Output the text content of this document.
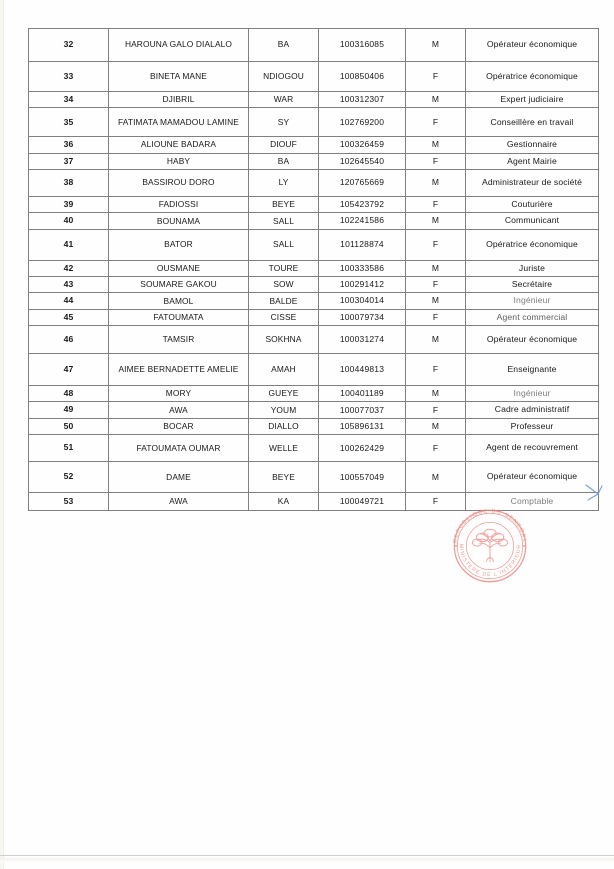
32	HAROUNA GALO DIALALO	BA	100316085	M	Opérateur économique
33	BINETA MANE	NDIOGOU	100850406	F	Opératrice économique
34	DJIBRIL	WAR	100312307	M	Expert judiciaire
35	FATIMATA MAMADOU LAMINE	SY	102769200	F	Conseillère en travail
36	ALIOUNE BADARA	DIOUF	100326459	M	Gestionnaire
37	HABY	BA	102645540	F	Agent Mairie
38	BASSIROU DORO	LY	120765669	M	Administrateur de société
39	FADIOSSI	BEYE	105423792	F	Couturière
40	BOUNAMA	SALL	102241586	M	Communicant
41	BATOR	SALL	101128874	F	Opératrice économique
42	OUSMANE	TOURE	100333586	M	Juriste
43	SOUMARE GAKOU	SOW	100291412	F	Secrétaire
44	BAMOL	BALDE	100304014	M	Ingénieur
45	FATOUMATA	CISSE	100079734	F	Agent commercial
46	TAMSIR	SOKHNA	100031274	M	Opérateur économique
47	AIMEE BERNADETTE AMELIE	AMAH	100449813	F	Enseignante
48	MORY	GUEYE	100401189	M	Ingénieur
49	AWA	YOUM	100077037	F	Cadre administratif
50	BOCAR	DIALLO	105896131	M	Professeur
51	FATOUMATA OUMAR	WELLE	100262429	F	Agent de recouvrement
52	DAME	BEYE	100557049	M	Opérateur économique
53	AWA	KA	100049721	F	Comptable
REPUBLIQUE DU SENEGAL
MINISTERE DE L'INTERIEUR
